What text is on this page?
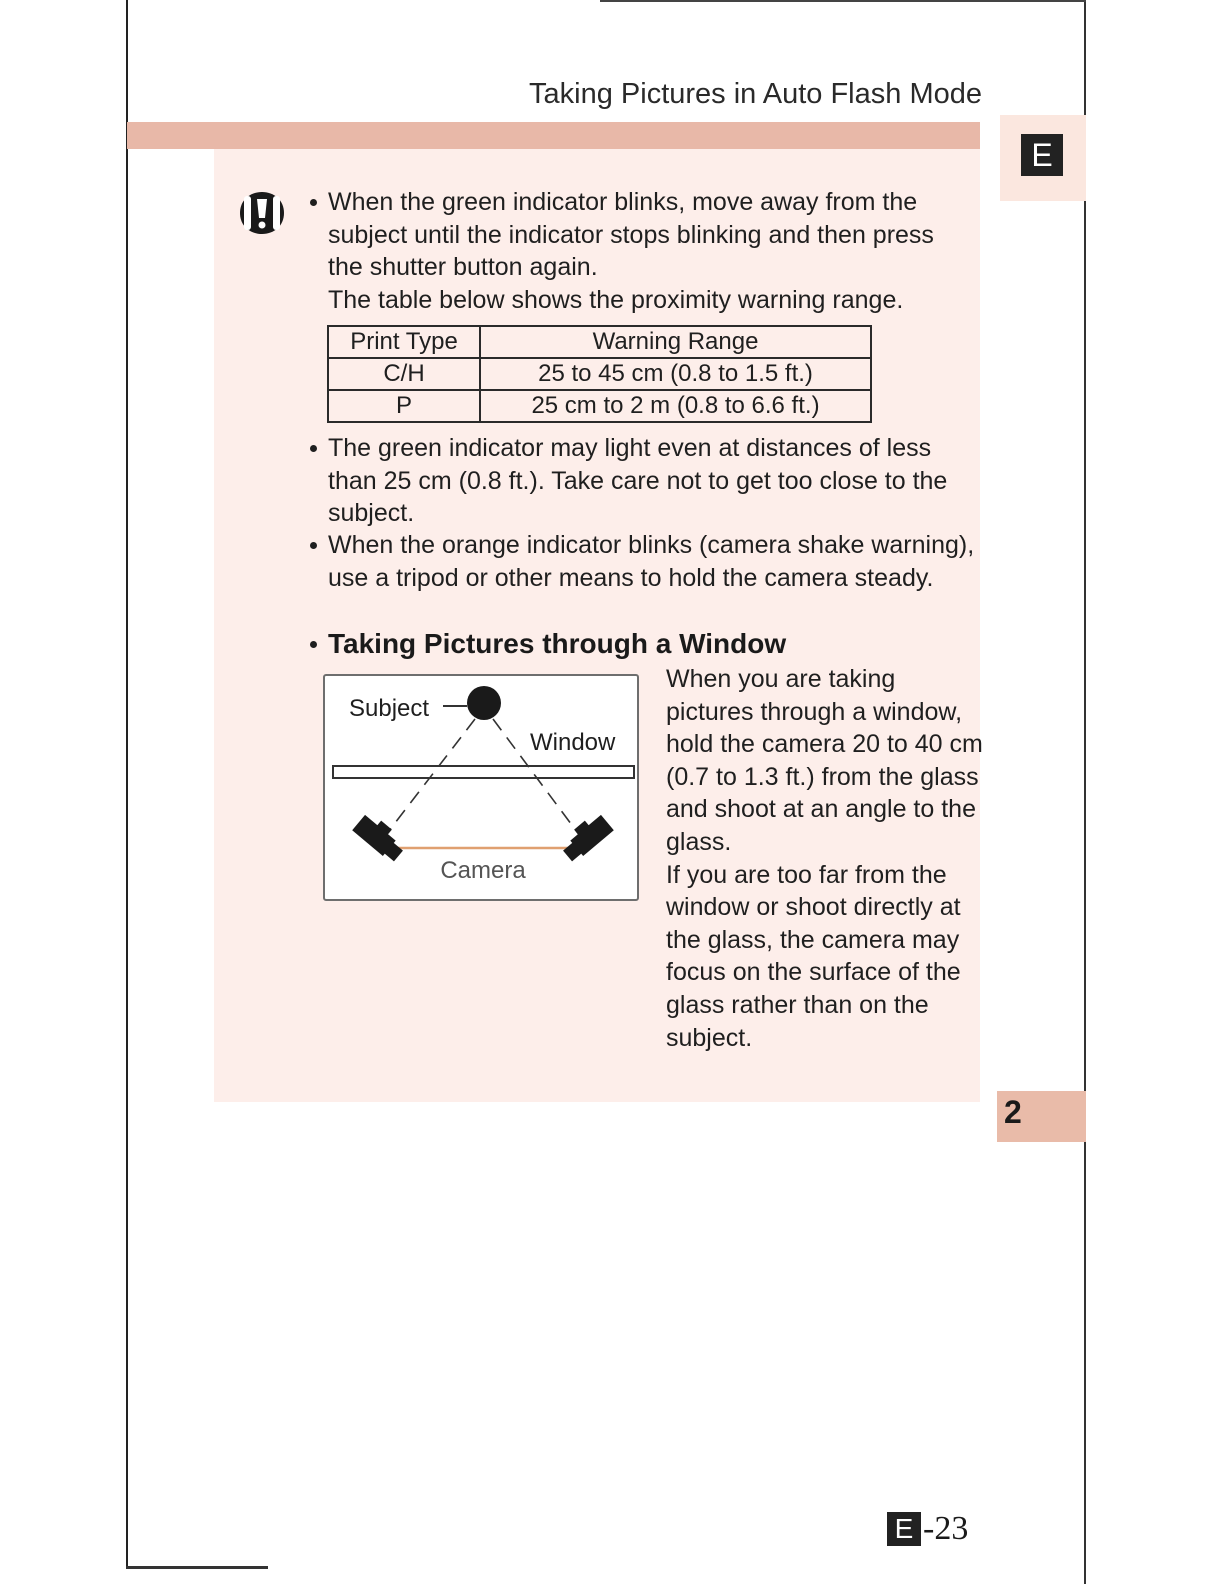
Taking Pictures in Auto Flash Mode
E
When the green indicator blinks, move away from the subject until the indicator stops blinking and then press the shutter button again.
The table below shows the proximity warning range.
Print Type	Warning Range
C/H	25 to 45 cm (0.8 to 1.5 ft.)
P	25 cm to 2 m (0.8 to 6.6 ft.)
The green indicator may light even at distances of less than 25 cm (0.8 ft.). Take care not to get too close to the subject.
When the orange indicator blinks (camera shake warning), use a tripod or other means to hold the camera steady.
Taking Pictures through a Window
Subject
Window
Camera
When you are taking pictures through a window, hold the camera 20 to 40 cm (0.7 to 1.3 ft.) from the glass and shoot at an angle to the glass.
If you are too far from the window or shoot directly at the glass, the camera may focus on the surface of the glass rather than on the subject.
2
E -23
